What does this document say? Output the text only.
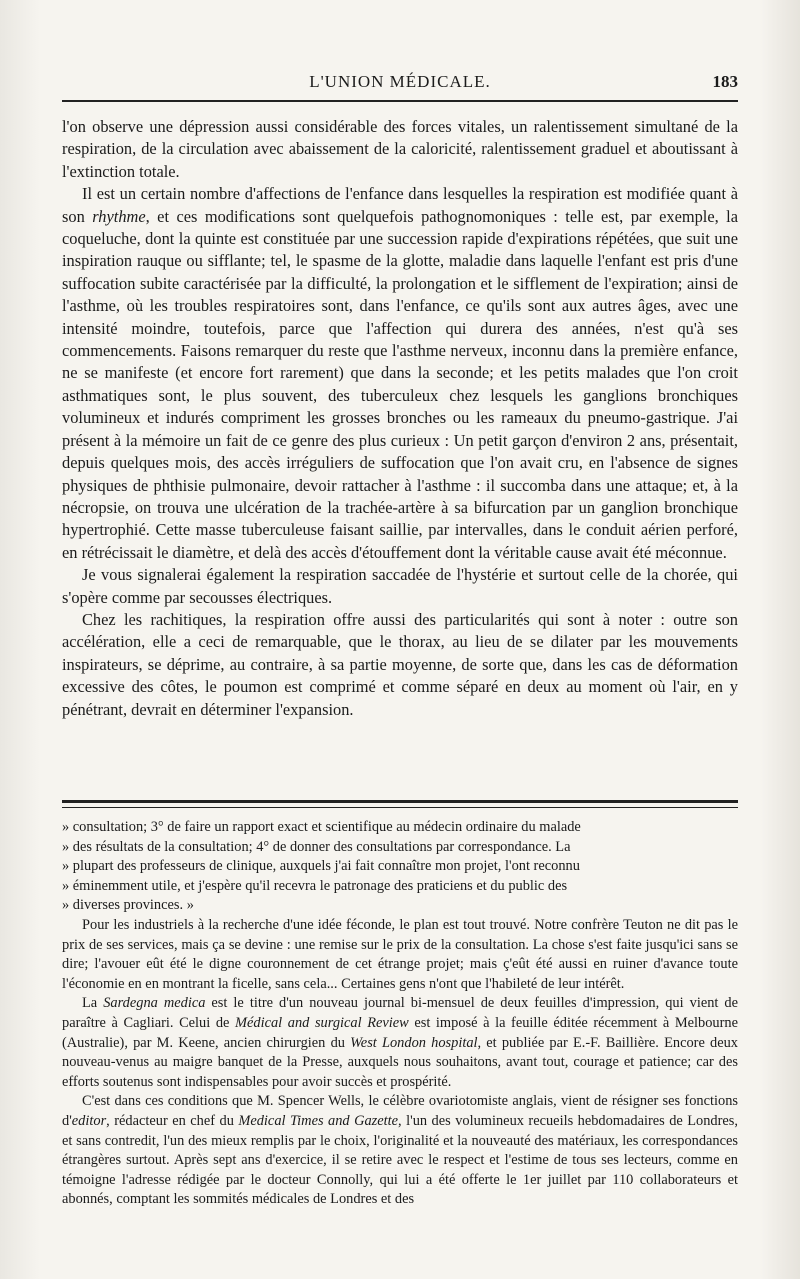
L'UNION MÉDICALE.	183

l'on observe une dépression aussi considérable des forces vitales, un ralentissement simultané de la respiration, de la circulation avec abaissement de la caloricité, ralentissement graduel et aboutissant à l'extinction totale.

Il est un certain nombre d'affections de l'enfance dans lesquelles la respiration est modifiée quant à son rhythme, et ces modifications sont quelquefois pathognomoniques : telle est, par exemple, la coqueluche, dont la quinte est constituée par une succession rapide d'expirations répétées, que suit une inspiration rauque ou sifflante; tel, le spasme de la glotte, maladie dans laquelle l'enfant est pris d'une suffocation subite caractérisée par la difficulté, la prolongation et le sifflement de l'expiration; ainsi de l'asthme, où les troubles respiratoires sont, dans l'enfance, ce qu'ils sont aux autres âges, avec une intensité moindre, toutefois, parce que l'affection qui durera des années, n'est qu'à ses commencements. Faisons remarquer du reste que l'asthme nerveux, inconnu dans la première enfance, ne se manifeste (et encore fort rarement) que dans la seconde; et les petits malades que l'on croit asthmatiques sont, le plus souvent, des tuberculeux chez lesquels les ganglions bronchiques volumineux et indurés compriment les grosses bronches ou les rameaux du pneumo-gastrique. J'ai présent à la mémoire un fait de ce genre des plus curieux : Un petit garçon d'environ 2 ans, présentait, depuis quelques mois, des accès irréguliers de suffocation que l'on avait cru, en l'absence de signes physiques de phthisie pulmonaire, devoir rattacher à l'asthme : il succomba dans une attaque; et, à la nécropsie, on trouva une ulcération de la trachée-artère à sa bifurcation par un ganglion bronchique hypertrophié. Cette masse tuberculeuse faisant saillie, par intervalles, dans le conduit aérien perforé, en rétrécissait le diamètre, et delà des accès d'étouffement dont la véritable cause avait été méconnue.

Je vous signalerai également la respiration saccadée de l'hystérie et surtout celle de la chorée, qui s'opère comme par secousses électriques.

Chez les rachitiques, la respiration offre aussi des particularités qui sont à noter : outre son accélération, elle a ceci de remarquable, que le thorax, au lieu de se dilater par les mouvements inspirateurs, se déprime, au contraire, à sa partie moyenne, de sorte que, dans les cas de déformation excessive des côtes, le poumon est comprimé et comme séparé en deux au moment où l'air, en y pénétrant, devrait en déterminer l'expansion.

» consultation; 3° de faire un rapport exact et scientifique au médecin ordinaire du malade
» des résultats de la consultation; 4° de donner des consultations par correspondance. La
» plupart des professeurs de clinique, auxquels j'ai fait connaître mon projet, l'ont reconnu
» éminemment utile, et j'espère qu'il recevra le patronage des praticiens et du public des
» diverses provinces. »

Pour les industriels à la recherche d'une idée féconde, le plan est tout trouvé. Notre confrère Teuton ne dit pas le prix de ses services, mais ça se devine : une remise sur le prix de la consultation. La chose s'est faite jusqu'ici sans se dire; l'avouer eût été le digne couronnement de cet étrange projet; mais ç'eût été aussi en ruiner d'avance toute l'économie en en montrant la ficelle, sans cela... Certaines gens n'ont que l'habileté de leur intérêt.

La Sardegna medica est le titre d'un nouveau journal bi-mensuel de deux feuilles d'impression, qui vient de paraître à Cagliari. Celui de Médical and surgical Review est imposé à la feuille éditée récemment à Melbourne (Australie), par M. Keene, ancien chirurgien du West London hospital, et publiée par E.-F. Baillière. Encore deux nouveau-venus au maigre banquet de la Presse, auxquels nous souhaitons, avant tout, courage et patience; car des efforts soutenus sont indispensables pour avoir succès et prospérité.

C'est dans ces conditions que M. Spencer Wells, le célèbre ovariotomiste anglais, vient de résigner ses fonctions d'editor, rédacteur en chef du Medical Times and Gazette, l'un des volumineux recueils hebdomadaires de Londres, et sans contredit, l'un des mieux remplis par le choix, l'originalité et la nouveauté des matériaux, les correspondances étrangères surtout. Après sept ans d'exercice, il se retire avec le respect et l'estime de tous ses lecteurs, comme en témoigne l'adresse rédigée par le docteur Connolly, qui lui a été offerte le 1er juillet par 110 collaborateurs et abonnés, comptant les sommités médicales de Londres et des
